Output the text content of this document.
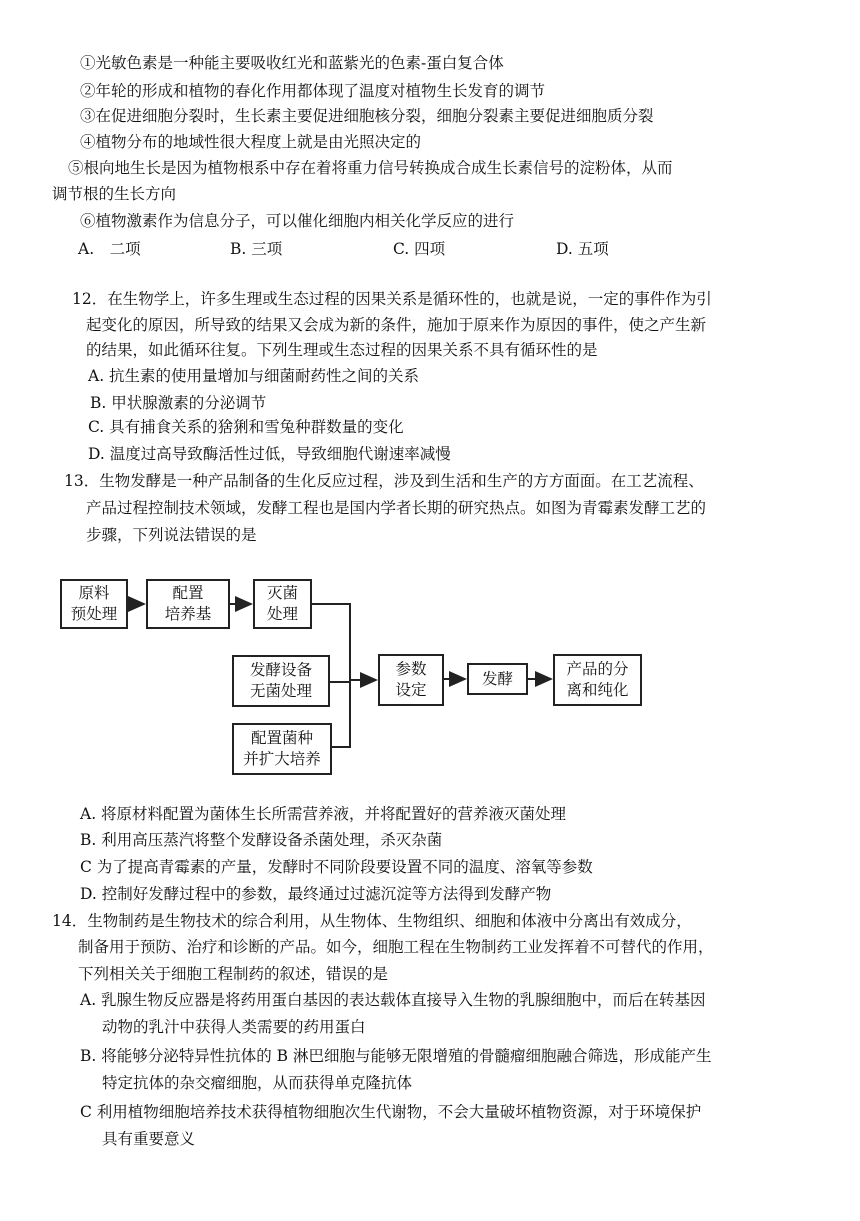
①光敏色素是一种能主要吸收红光和蓝紫光的色素-蛋白复合体
②年轮的形成和植物的春化作用都体现了温度对植物生长发育的调节
③在促进细胞分裂时，生长素主要促进细胞核分裂，细胞分裂素主要促进细胞质分裂
④植物分布的地域性很大程度上就是由光照决定的
⑤根向地生长是因为植物根系中存在着将重力信号转换成合成生长素信号的淀粉体，从而
调节根的生长方向
⑥植物激素作为信息分子，可以催化细胞内相关化学反应的进行
A.　二项	B. 三项	C. 四项	D. 五项
12．在生物学上，许多生理或生态过程的因果关系是循环性的，也就是说，一定的事件作为引
起变化的原因，所导致的结果又会成为新的条件，施加于原来作为原因的事件，使之产生新
的结果，如此循环往复。下列生理或生态过程的因果关系不具有循环性的是
A. 抗生素的使用量增加与细菌耐药性之间的关系
B. 甲状腺激素的分泌调节
C. 具有捕食关系的猞猁和雪兔种群数量的变化
D. 温度过高导致酶活性过低，导致细胞代谢速率减慢
13．生物发酵是一种产品制备的生化反应过程，涉及到生活和生产的方方面面。在工艺流程、
产品过程控制技术领域，发酵工程也是国内学者长期的研究热点。如图为青霉素发酵工艺的
步骤，下列说法错误的是
原料
预处理
配置
培养基
灭菌
处理
发酵设备
无菌处理
配置菌种
并扩大培养
参数
设定
发酵
产品的分
离和纯化
A. 将原材料配置为菌体生长所需营养液，并将配置好的营养液灭菌处理
B. 利用高压蒸汽将整个发酵设备杀菌处理，杀灭杂菌
C 为了提高青霉素的产量，发酵时不同阶段要设置不同的温度、溶氧等参数
D. 控制好发酵过程中的参数，最终通过过滤沉淀等方法得到发酵产物
14．生物制药是生物技术的综合利用，从生物体、生物组织、细胞和体液中分离出有效成分，
制备用于预防、治疗和诊断的产品。如今，细胞工程在生物制药工业发挥着不可替代的作用，
下列相关关于细胞工程制药的叙述，错误的是
A. 乳腺生物反应器是将药用蛋白基因的表达载体直接导入生物的乳腺细胞中，而后在转基因
动物的乳汁中获得人类需要的药用蛋白
B. 将能够分泌特异性抗体的 B 淋巴细胞与能够无限增殖的骨髓瘤细胞融合筛选，形成能产生
特定抗体的杂交瘤细胞，从而获得单克隆抗体
C 利用植物细胞培养技术获得植物细胞次生代谢物，不会大量破坏植物资源，对于环境保护
具有重要意义
